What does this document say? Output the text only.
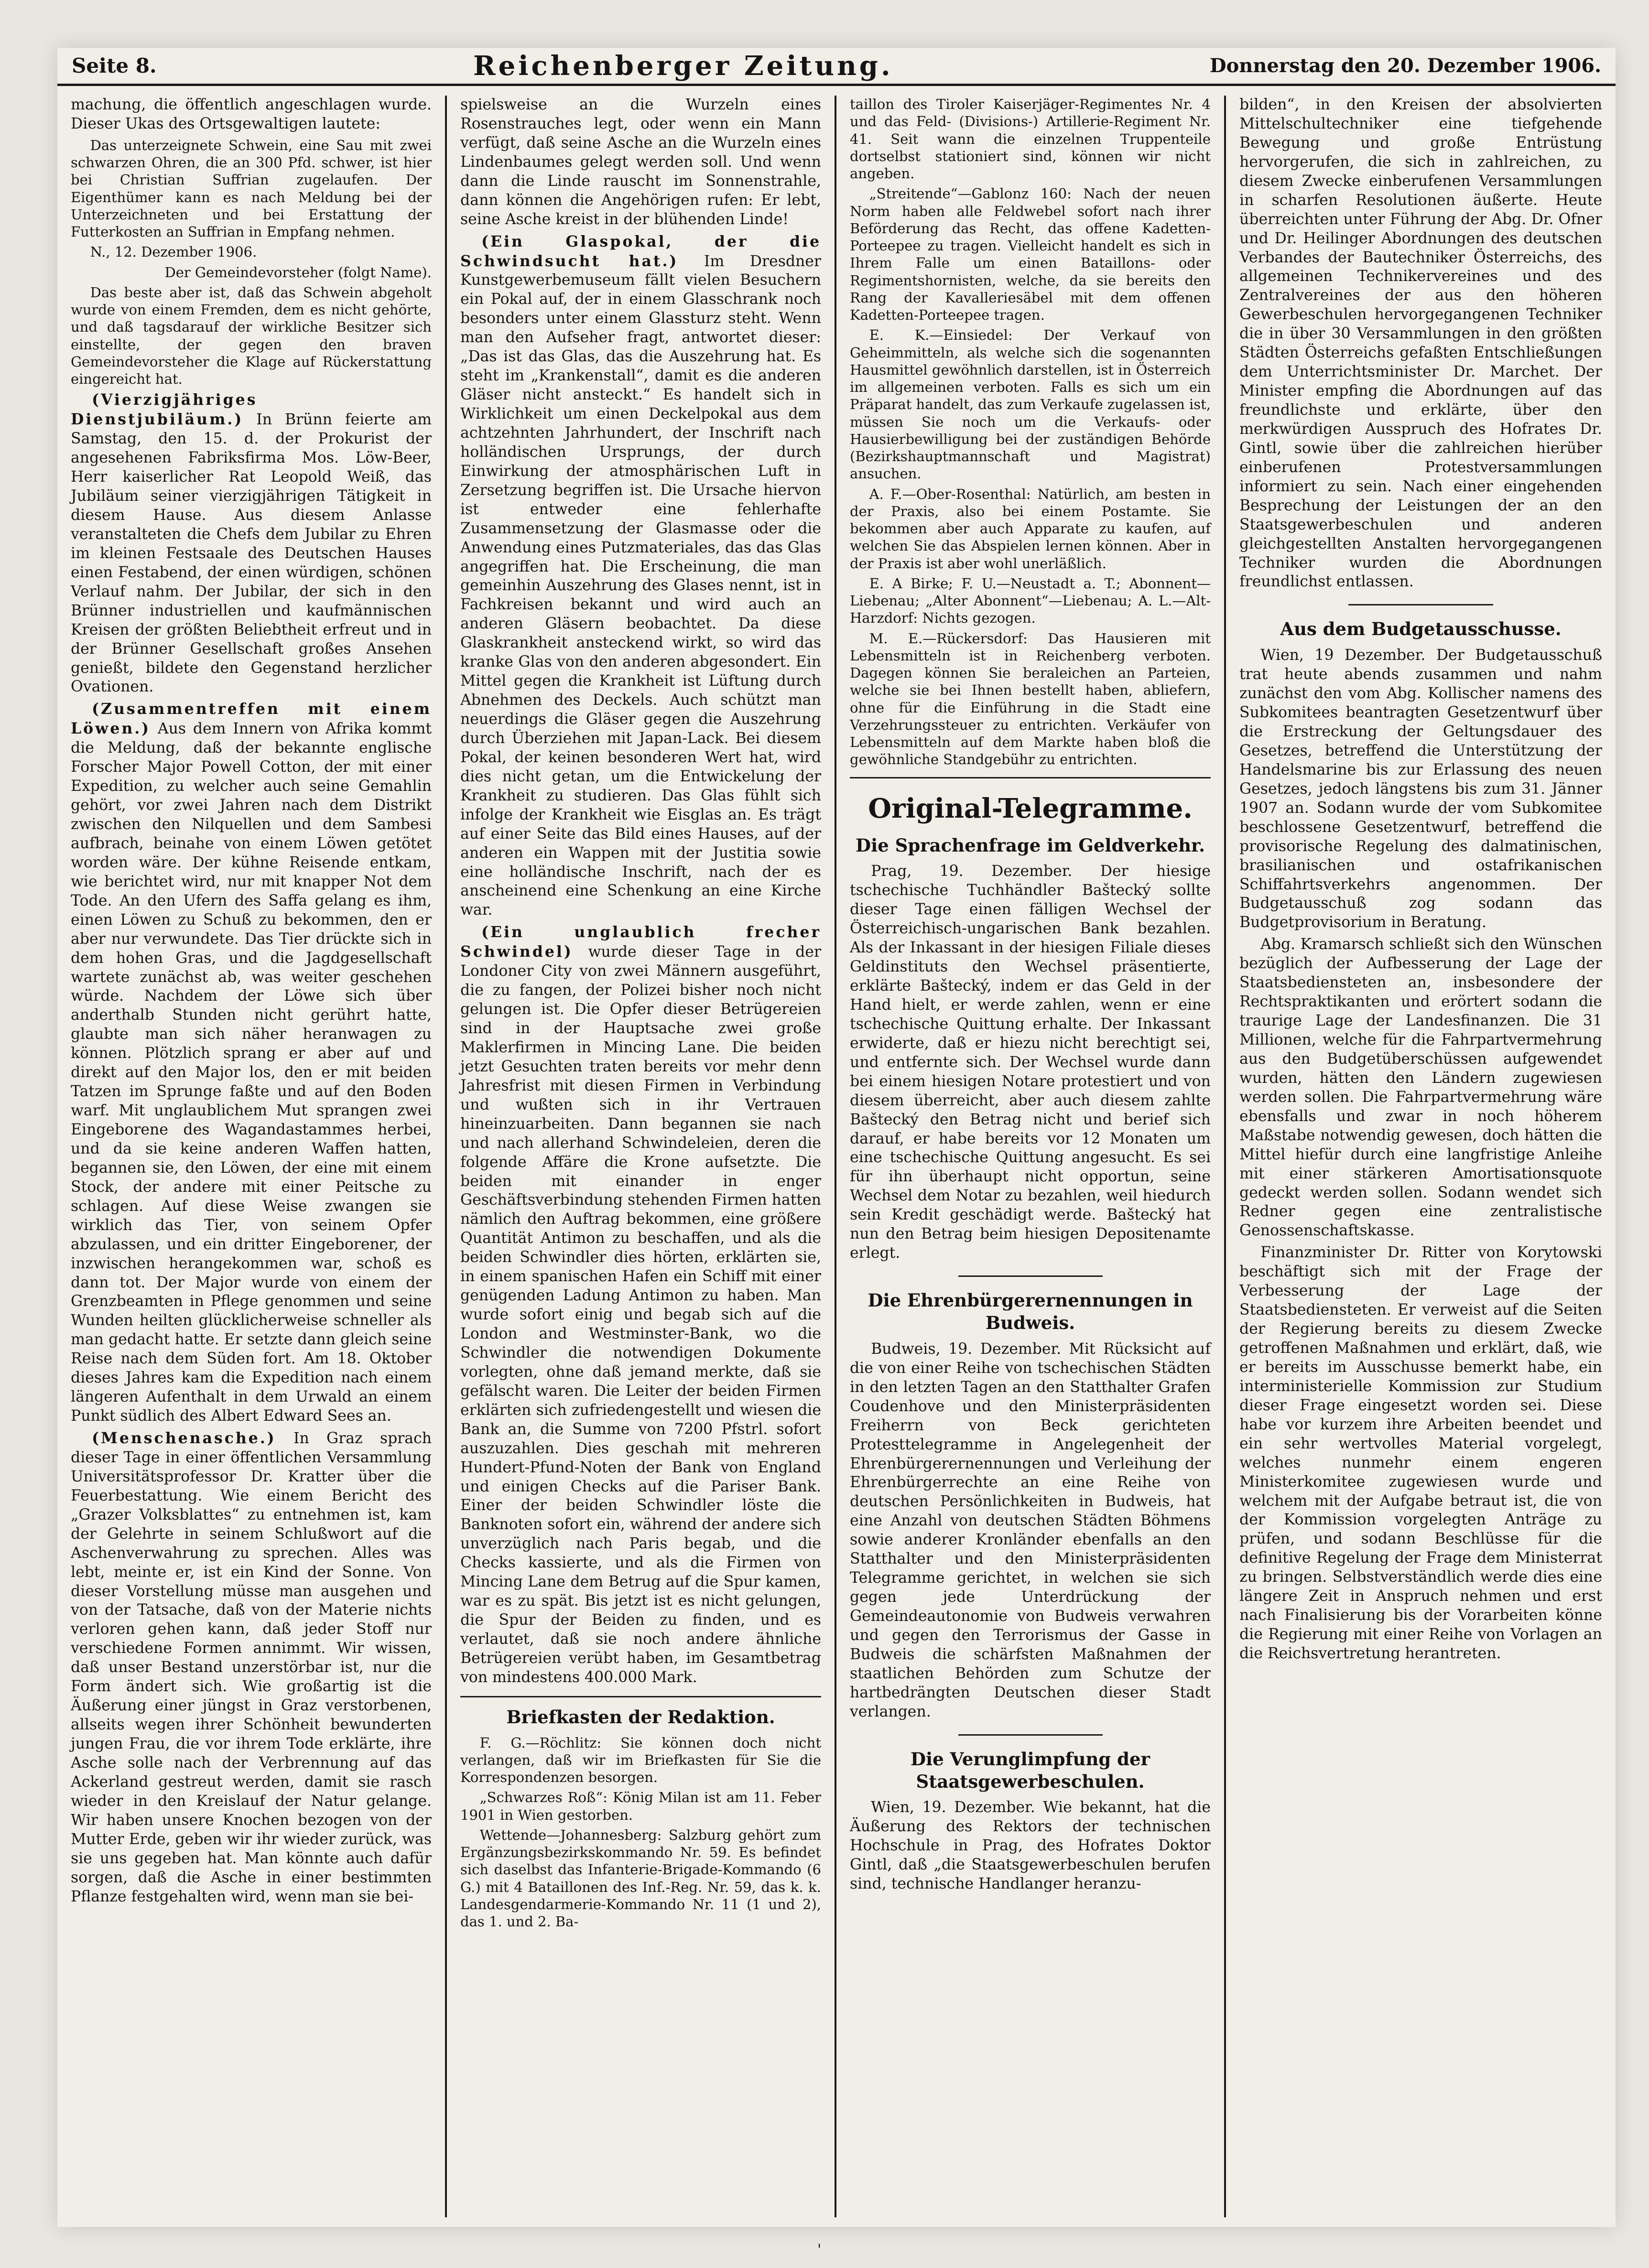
Seite 8.	Reichenberger Zeitung.	Donnerstag den 20. Dezember 1906.

machung, die öffentlich angeschlagen wurde. Dieser Ukas des Ortsgewaltigen lautete:

Das unterzeignete Schwein, eine Sau mit zwei schwarzen Ohren, die an 300 Pfd. schwer, ist hier bei Christian Suffrian zugelaufen. Der Eigenthümer kann es nach Meldung bei der Unterzeichneten und bei Erstattung der Futterkosten an Suffrian in Empfang nehmen.

N., 12. Dezember 1906.

Der Gemeindevorsteher (folgt Name).

Das beste aber ist, daß das Schwein abgeholt wurde von einem Fremden, dem es nicht gehörte, und daß tagsdarauf der wirkliche Besitzer sich einstellte, der gegen den braven Gemeindevorsteher die Klage auf Rückerstattung eingereicht hat.

(Vierzigjähriges Dienstjubiläum.) In Brünn feierte am Samstag, den 15. d. der Prokurist der angesehenen Fabriksfirma Mos. Löw-Beer, Herr kaiserlicher Rat Leopold Weiß, das Jubiläum seiner vierzigjährigen Tätigkeit in diesem Hause. Aus diesem Anlasse veranstalteten die Chefs dem Jubilar zu Ehren im kleinen Festsaale des Deutschen Hauses einen Festabend, der einen würdigen, schönen Verlauf nahm. Der Jubilar, der sich in den Brünner industriellen und kaufmännischen Kreisen der größten Beliebtheit erfreut und in der Brünner Gesellschaft großes Ansehen genießt, bildete den Gegenstand herzlicher Ovationen.

(Zusammentreffen mit einem Löwen.) Aus dem Innern von Afrika kommt die Meldung, daß der bekannte englische Forscher Major Powell Cotton, der mit einer Expedition, zu welcher auch seine Gemahlin gehört, vor zwei Jahren nach dem Distrikt zwischen den Nilquellen und dem Sambesi aufbrach, beinahe von einem Löwen getötet worden wäre. Der kühne Reisende entkam, wie berichtet wird, nur mit knapper Not dem Tode. An den Ufern des Saffa gelang es ihm, einen Löwen zu Schuß zu bekommen, den er aber nur verwundete. Das Tier drückte sich in dem hohen Gras, und die Jagdgesellschaft wartete zunächst ab, was weiter geschehen würde. Nachdem der Löwe sich über anderthalb Stunden nicht gerührt hatte, glaubte man sich näher heranwagen zu können. Plötzlich sprang er aber auf und direkt auf den Major los, den er mit beiden Tatzen im Sprunge faßte und auf den Boden warf. Mit unglaublichem Mut sprangen zwei Eingeborene des Wagandastammes herbei, und da sie keine anderen Waffen hatten, begannen sie, den Löwen, der eine mit einem Stock, der andere mit einer Peitsche zu schlagen. Auf diese Weise zwangen sie wirklich das Tier, von seinem Opfer abzulassen, und ein dritter Eingeborener, der inzwischen herangekommen war, schoß es dann tot. Der Major wurde von einem der Grenzbeamten in Pflege genommen und seine Wunden heilten glücklicherweise schneller als man gedacht hatte. Er setzte dann gleich seine Reise nach dem Süden fort. Am 18. Oktober dieses Jahres kam die Expedition nach einem längeren Aufenthalt in dem Urwald an einem Punkt südlich des Albert Edward Sees an.

(Menschenasche.) In Graz sprach dieser Tage in einer öffentlichen Versammlung Universitätsprofessor Dr. Kratter über die Feuerbestattung. Wie einem Bericht des „Grazer Volksblattes“ zu entnehmen ist, kam der Gelehrte in seinem Schlußwort auf die Aschenverwahrung zu sprechen. Alles was lebt, meinte er, ist ein Kind der Sonne. Von dieser Vorstellung müsse man ausgehen und von der Tatsache, daß von der Materie nichts verloren gehen kann, daß jeder Stoff nur verschiedene Formen annimmt. Wir wissen, daß unser Bestand unzerstörbar ist, nur die Form ändert sich. Wie großartig ist die Äußerung einer jüngst in Graz verstorbenen, allseits wegen ihrer Schönheit bewunderten jungen Frau, die vor ihrem Tode erklärte, ihre Asche solle nach der Verbrennung auf das Ackerland gestreut werden, damit sie rasch wieder in den Kreislauf der Natur gelange. Wir haben unsere Knochen bezogen von der Mutter Erde, geben wir ihr wieder zurück, was sie uns gegeben hat. Man könnte auch dafür sorgen, daß die Asche in einer bestimmten Pflanze festgehalten wird, wenn man sie bei-

spielsweise an die Wurzeln eines Rosenstrauches legt, oder wenn ein Mann verfügt, daß seine Asche an die Wurzeln eines Lindenbaumes gelegt werden soll. Und wenn dann die Linde rauscht im Sonnenstrahle, dann können die Angehörigen rufen: Er lebt, seine Asche kreist in der blühenden Linde!

(Ein Glaspokal, der die Schwindsucht hat.) Im Dresdner Kunstgewerbemuseum fällt vielen Besuchern ein Pokal auf, der in einem Glasschrank noch besonders unter einem Glassturz steht. Wenn man den Aufseher fragt, antwortet dieser: „Das ist das Glas, das die Auszehrung hat. Es steht im „Krankenstall“, damit es die anderen Gläser nicht ansteckt.“ Es handelt sich in Wirklichkeit um einen Deckelpokal aus dem achtzehnten Jahrhundert, der Inschrift nach holländischen Ursprungs, der durch Einwirkung der atmosphärischen Luft in Zersetzung begriffen ist. Die Ursache hiervon ist entweder eine fehlerhafte Zusammensetzung der Glasmasse oder die Anwendung eines Putzmateriales, das das Glas angegriffen hat. Die Erscheinung, die man gemeinhin Auszehrung des Glases nennt, ist in Fachkreisen bekannt und wird auch an anderen Gläsern beobachtet. Da diese Glaskrankheit ansteckend wirkt, so wird das kranke Glas von den anderen abgesondert. Ein Mittel gegen die Krankheit ist Lüftung durch Abnehmen des Deckels. Auch schützt man neuerdings die Gläser gegen die Auszehrung durch Überziehen mit Japan-Lack. Bei diesem Pokal, der keinen besonderen Wert hat, wird dies nicht getan, um die Entwickelung der Krankheit zu studieren. Das Glas fühlt sich infolge der Krankheit wie Eisglas an. Es trägt auf einer Seite das Bild eines Hauses, auf der anderen ein Wappen mit der Justitia sowie eine holländische Inschrift, nach der es anscheinend eine Schenkung an eine Kirche war.

(Ein unglaublich frecher Schwindel) wurde dieser Tage in der Londoner City von zwei Männern ausgeführt, die zu fangen, der Polizei bisher noch nicht gelungen ist. Die Opfer dieser Betrügereien sind in der Hauptsache zwei große Maklerfirmen in Mincing Lane. Die beiden jetzt Gesuchten traten bereits vor mehr denn Jahresfrist mit diesen Firmen in Verbindung und wußten sich in ihr Vertrauen hineinzuarbeiten. Dann begannen sie nach und nach allerhand Schwindeleien, deren die folgende Affäre die Krone aufsetzte. Die beiden mit einander in enger Geschäftsverbindung stehenden Firmen hatten nämlich den Auftrag bekommen, eine größere Quantität Antimon zu beschaffen, und als die beiden Schwindler dies hörten, erklärten sie, in einem spanischen Hafen ein Schiff mit einer genügenden Ladung Antimon zu haben. Man wurde sofort einig und begab sich auf die London and Westminster-Bank, wo die Schwindler die notwendigen Dokumente vorlegten, ohne daß jemand merkte, daß sie gefälscht waren. Die Leiter der beiden Firmen erklärten sich zufriedengestellt und wiesen die Bank an, die Summe von 7200 Pfstrl. sofort auszuzahlen. Dies geschah mit mehreren Hundert-Pfund-Noten der Bank von England und einigen Checks auf die Pariser Bank. Einer der beiden Schwindler löste die Banknoten sofort ein, während der andere sich unverzüglich nach Paris begab, und die Checks kassierte, und als die Firmen von Mincing Lane dem Betrug auf die Spur kamen, war es zu spät. Bis jetzt ist es nicht gelungen, die Spur der Beiden zu finden, und es verlautet, daß sie noch andere ähnliche Betrügereien verübt haben, im Gesamtbetrag von mindestens 400.000 Mark.

Briefkasten der Redaktion.

F. G.—Röchlitz: Sie können doch nicht verlangen, daß wir im Briefkasten für Sie die Korrespondenzen besorgen.

„Schwarzes Roß“: König Milan ist am 11. Feber 1901 in Wien gestorben.

Wettende—Johannesberg: Salzburg gehört zum Ergänzungsbezirkskommando Nr. 59. Es befindet sich daselbst das Infanterie-Brigade-Kommando (6 G.) mit 4 Bataillonen des Inf.-Reg. Nr. 59, das k. k. Landesgendarmerie-Kommando Nr. 11 (1 und 2), das 1. und 2. Ba-

taillon des Tiroler Kaiserjäger-Regimentes Nr. 4 und das Feld- (Divisions-) Artillerie-Regiment Nr. 41. Seit wann die einzelnen Truppenteile dortselbst stationiert sind, können wir nicht angeben.

„Streitende“—Gablonz 160: Nach der neuen Norm haben alle Feldwebel sofort nach ihrer Beförderung das Recht, das offene Kadetten-Porteepee zu tragen. Vielleicht handelt es sich in Ihrem Falle um einen Bataillons- oder Regimentshornisten, welche, da sie bereits den Rang der Kavalleriesäbel mit dem offenen Kadetten-Porteepee tragen.

E. K.—Einsiedel: Der Verkauf von Geheimmitteln, als welche sich die sogenannten Hausmittel gewöhnlich darstellen, ist in Österreich im allgemeinen verboten. Falls es sich um ein Präparat handelt, das zum Verkaufe zugelassen ist, müssen Sie noch um die Verkaufs- oder Hausierbewilligung bei der zuständigen Behörde (Bezirkshauptmannschaft und Magistrat) ansuchen.

A. F.—Ober-Rosenthal: Natürlich, am besten in der Praxis, also bei einem Postamte. Sie bekommen aber auch Apparate zu kaufen, auf welchen Sie das Abspielen lernen können. Aber in der Praxis ist aber wohl unerläßlich.

E. A Birke; F. U.—Neustadt a. T.; Abonnent—Liebenau; „Alter Abonnent“—Liebenau; A. L.—Alt-Harzdorf: Nichts gezogen.

M. E.—Rückersdorf: Das Hausieren mit Lebensmitteln ist in Reichenberg verboten. Dagegen können Sie beraleichen an Parteien, welche sie bei Ihnen bestellt haben, abliefern, ohne für die Einführung in die Stadt eine Verzehrungssteuer zu entrichten. Verkäufer von Lebensmitteln auf dem Markte haben bloß die gewöhnliche Standgebühr zu entrichten.

Original-Telegramme.
Die Sprachenfrage im Geldverkehr.

Prag, 19. Dezember. Der hiesige tschechische Tuchhändler Baštecký sollte dieser Tage einen fälligen Wechsel der Österreichisch-ungarischen Bank bezahlen. Als der Inkassant in der hiesigen Filiale dieses Geldinstituts den Wechsel präsentierte, erklärte Baštecký, indem er das Geld in der Hand hielt, er werde zahlen, wenn er eine tschechische Quittung erhalte. Der Inkassant erwiderte, daß er hiezu nicht berechtigt sei, und entfernte sich. Der Wechsel wurde dann bei einem hiesigen Notare protestiert und von diesem überreicht, aber auch diesem zahlte Baštecký den Betrag nicht und berief sich darauf, er habe bereits vor 12 Monaten um eine tschechische Quittung angesucht. Es sei für ihn überhaupt nicht opportun, seine Wechsel dem Notar zu bezahlen, weil hiedurch sein Kredit geschädigt werde. Baštecký hat nun den Betrag beim hiesigen Depositenamte erlegt.

Die Ehrenbürgerernennungen in Budweis.

Budweis, 19. Dezember. Mit Rücksicht auf die von einer Reihe von tschechischen Städten in den letzten Tagen an den Statthalter Grafen Coudenhove und den Ministerpräsidenten Freiherrn von Beck gerichteten Protesttelegramme in Angelegenheit der Ehrenbürgerernennungen und Verleihung der Ehrenbürgerrechte an eine Reihe von deutschen Persönlichkeiten in Budweis, hat eine Anzahl von deutschen Städten Böhmens sowie anderer Kronländer ebenfalls an den Statthalter und den Ministerpräsidenten Telegramme gerichtet, in welchen sie sich gegen jede Unterdrückung der Gemeindeautonomie von Budweis verwahren und gegen den Terrorismus der Gasse in Budweis die schärfsten Maßnahmen der staatlichen Behörden zum Schutze der hartbedrängten Deutschen dieser Stadt verlangen.

Die Verunglimpfung der Staatsgewerbeschulen.

Wien, 19. Dezember. Wie bekannt, hat die Äußerung des Rektors der technischen Hochschule in Prag, des Hofrates Doktor Gintl, daß „die Staatsgewerbeschulen berufen sind, technische Handlanger heranzu-

bilden“, in den Kreisen der absolvierten Mittelschultechniker eine tiefgehende Bewegung und große Entrüstung hervorgerufen, die sich in zahlreichen, zu diesem Zwecke einberufenen Versammlungen in scharfen Resolutionen äußerte. Heute überreichten unter Führung der Abg. Dr. Ofner und Dr. Heilinger Abordnungen des deutschen Verbandes der Bautechniker Österreichs, des allgemeinen Technikervereines und des Zentralvereines der aus den höheren Gewerbeschulen hervorgegangenen Techniker die in über 30 Versammlungen in den größten Städten Österreichs gefaßten Entschließungen dem Unterrichtsminister Dr. Marchet. Der Minister empfing die Abordnungen auf das freundlichste und erklärte, über den merkwürdigen Ausspruch des Hofrates Dr. Gintl, sowie über die zahlreichen hierüber einberufenen Protestversammlungen informiert zu sein. Nach einer eingehenden Besprechung der Leistungen der an den Staatsgewerbeschulen und anderen gleichgestellten Anstalten hervorgegangenen Techniker wurden die Abordnungen freundlichst entlassen.

Aus dem Budgetausschusse.

Wien, 19 Dezember. Der Budgetausschuß trat heute abends zusammen und nahm zunächst den vom Abg. Kollischer namens des Subkomitees beantragten Gesetzentwurf über die Erstreckung der Geltungsdauer des Gesetzes, betreffend die Unterstützung der Handelsmarine bis zur Erlassung des neuen Gesetzes, jedoch längstens bis zum 31. Jänner 1907 an. Sodann wurde der vom Subkomitee beschlossene Gesetzentwurf, betreffend die provisorische Regelung des dalmatinischen, brasilianischen und ostafrikanischen Schiffahrtsverkehrs angenommen. Der Budgetausschuß zog sodann das Budgetprovisorium in Beratung.

Abg. Kramarsch schließt sich den Wünschen bezüglich der Aufbesserung der Lage der Staatsbediensteten an, insbesondere der Rechtspraktikanten und erörtert sodann die traurige Lage der Landesfinanzen. Die 31 Millionen, welche für die Fahrpartvermehrung aus den Budgetüberschüssen aufgewendet wurden, hätten den Ländern zugewiesen werden sollen. Die Fahrpartvermehrung wäre ebensfalls und zwar in noch höherem Maßstabe notwendig gewesen, doch hätten die Mittel hiefür durch eine langfristige Anleihe mit einer stärkeren Amortisationsquote gedeckt werden sollen. Sodann wendet sich Redner gegen eine zentralistische Genossenschaftskasse.

Finanzminister Dr. Ritter von Korytowski beschäftigt sich mit der Frage der Verbesserung der Lage der Staatsbediensteten. Er verweist auf die Seiten der Regierung bereits zu diesem Zwecke getroffenen Maßnahmen und erklärt, daß, wie er bereits im Ausschusse bemerkt habe, ein interministerielle Kommission zur Studium dieser Frage eingesetzt worden sei. Diese habe vor kurzem ihre Arbeiten beendet und ein sehr wertvolles Material vorgelegt, welches nunmehr einem engeren Ministerkomitee zugewiesen wurde und welchem mit der Aufgabe betraut ist, die von der Kommission vorgelegten Anträge zu prüfen, und sodann Beschlüsse für die definitive Regelung der Frage dem Ministerrat zu bringen. Selbstverständlich werde dies eine längere Zeit in Anspruch nehmen und erst nach Finalisierung bis der Vorarbeiten könne die Regierung mit einer Reihe von Vorlagen an die Reichsvertretung herantreten.

'
